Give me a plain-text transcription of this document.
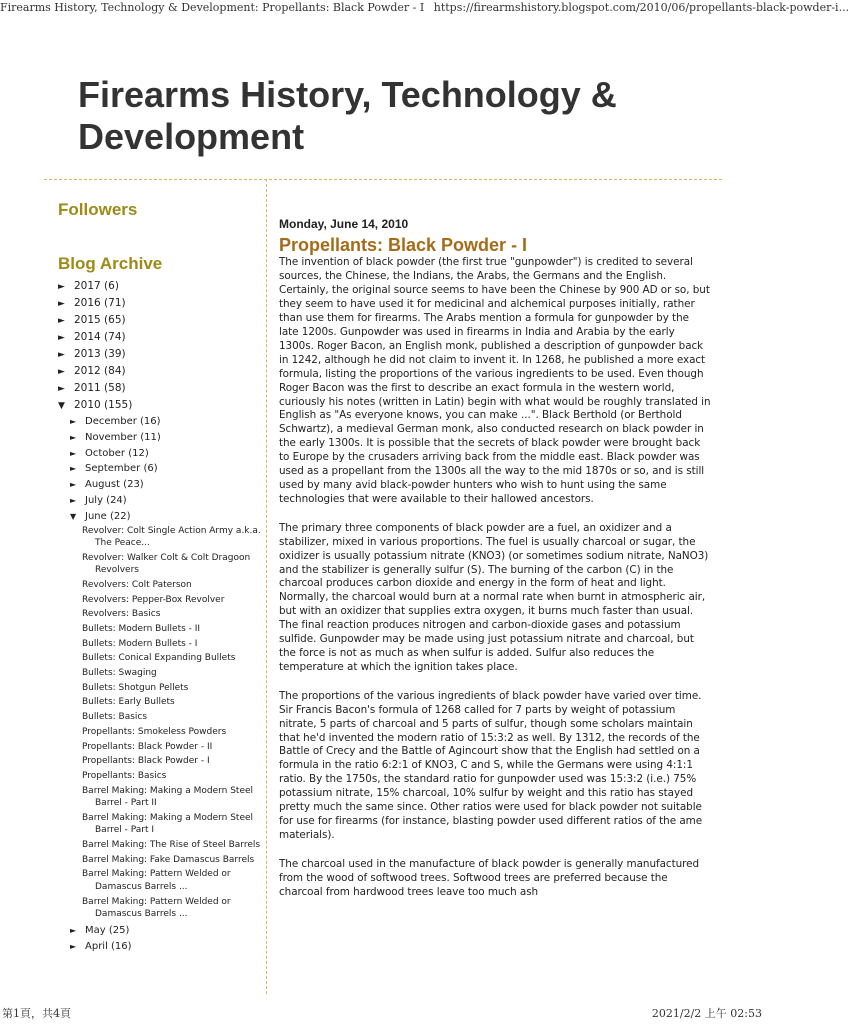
Firearms History, Technology & Development: Propellants: Black Powder - I https://firearmshistory.blogspot.com/2010/06/propellants-black-powder-i...
Firearms History, Technology & Development
Followers
Blog Archive
► 2017 (6)
► 2016 (71)
► 2015 (65)
► 2014 (74)
► 2013 (39)
► 2012 (84)
► 2011 (58)
▼ 2010 (155)
► December (16)
► November (11)
► October (12)
► September (6)
► August (23)
► July (24)
▼ June (22)
Revolver: Colt Single Action Army a.k.a. The Peace...
Revolver: Walker Colt & Colt Dragoon Revolvers
Revolvers: Colt Paterson
Revolvers: Pepper-Box Revolver
Revolvers: Basics
Bullets: Modern Bullets - II
Bullets: Modern Bullets - I
Bullets: Conical Expanding Bullets
Bullets: Swaging
Bullets: Shotgun Pellets
Bullets: Early Bullets
Bullets: Basics
Propellants: Smokeless Powders
Propellants: Black Powder - II
Propellants: Black Powder - I
Propellants: Basics
Barrel Making: Making a Modern Steel Barrel - Part II
Barrel Making: Making a Modern Steel Barrel - Part I
Barrel Making: The Rise of Steel Barrels
Barrel Making: Fake Damascus Barrels
Barrel Making: Pattern Welded or Damascus Barrels ...
Barrel Making: Pattern Welded or Damascus Barrels ...
► May (25)
► April (16)
Monday, June 14, 2010
Propellants: Black Powder - I

The invention of black powder (the first true "gunpowder") is credited to several sources, the Chinese, the Indians, the Arabs, the Germans and the English. Certainly, the original source seems to have been the Chinese by 900 AD or so, but they seem to have used it for medicinal and alchemical purposes initially, rather than use them for firearms. The Arabs mention a formula for gunpowder by the late 1200s. Gunpowder was used in firearms in India and Arabia by the early 1300s. Roger Bacon, an English monk, published a description of gunpowder back in 1242, although he did not claim to invent it. In 1268, he published a more exact formula, listing the proportions of the various ingredients to be used. Even though Roger Bacon was the first to describe an exact formula in the western world, curiously his notes (written in Latin) begin with what would be roughly translated in English as "As everyone knows, you can make ...". Black Berthold (or Berthold Schwartz), a medieval German monk, also conducted research on black powder in the early 1300s. It is possible that the secrets of black powder were brought back to Europe by the crusaders arriving back from the middle east. Black powder was used as a propellant from the 1300s all the way to the mid 1870s or so, and is still used by many avid black-powder hunters who wish to hunt using the same technologies that were available to their hallowed ancestors.

The primary three components of black powder are a fuel, an oxidizer and a stabilizer, mixed in various proportions. The fuel is usually charcoal or sugar, the oxidizer is usually potassium nitrate (KNO3) (or sometimes sodium nitrate, NaNO3) and the stabilizer is generally sulfur (S). The burning of the carbon (C) in the charcoal produces carbon dioxide and energy in the form of heat and light. Normally, the charcoal would burn at a normal rate when burnt in atmospheric air, but with an oxidizer that supplies extra oxygen, it burns much faster than usual. The final reaction produces nitrogen and carbon-dioxide gases and potassium sulfide. Gunpowder may be made using just potassium nitrate and charcoal, but the force is not as much as when sulfur is added. Sulfur also reduces the temperature at which the ignition takes place.

The proportions of the various ingredients of black powder have varied over time. Sir Francis Bacon's formula of 1268 called for 7 parts by weight of potassium nitrate, 5 parts of charcoal and 5 parts of sulfur, though some scholars maintain that he'd invented the modern ratio of 15:3:2 as well. By 1312, the records of the Battle of Crecy and the Battle of Agincourt show that the English had settled on a formula in the ratio 6:2:1 of KNO3, C and S, while the Germans were using 4:1:1 ratio. By the 1750s, the standard ratio for gunpowder used was 15:3:2 (i.e.) 75% potassium nitrate, 15% charcoal, 10% sulfur by weight and this ratio has stayed pretty much the same since. Other ratios were used for black powder not suitable for use for firearms (for instance, blasting powder used different ratios of the ame materials).

The charcoal used in the manufacture of black powder is generally manufactured from the wood of softwood trees. Softwood trees are preferred because the charcoal from hardwood trees leave too much ash

第1頁，共4頁	2021/2/2 上午 02:53
